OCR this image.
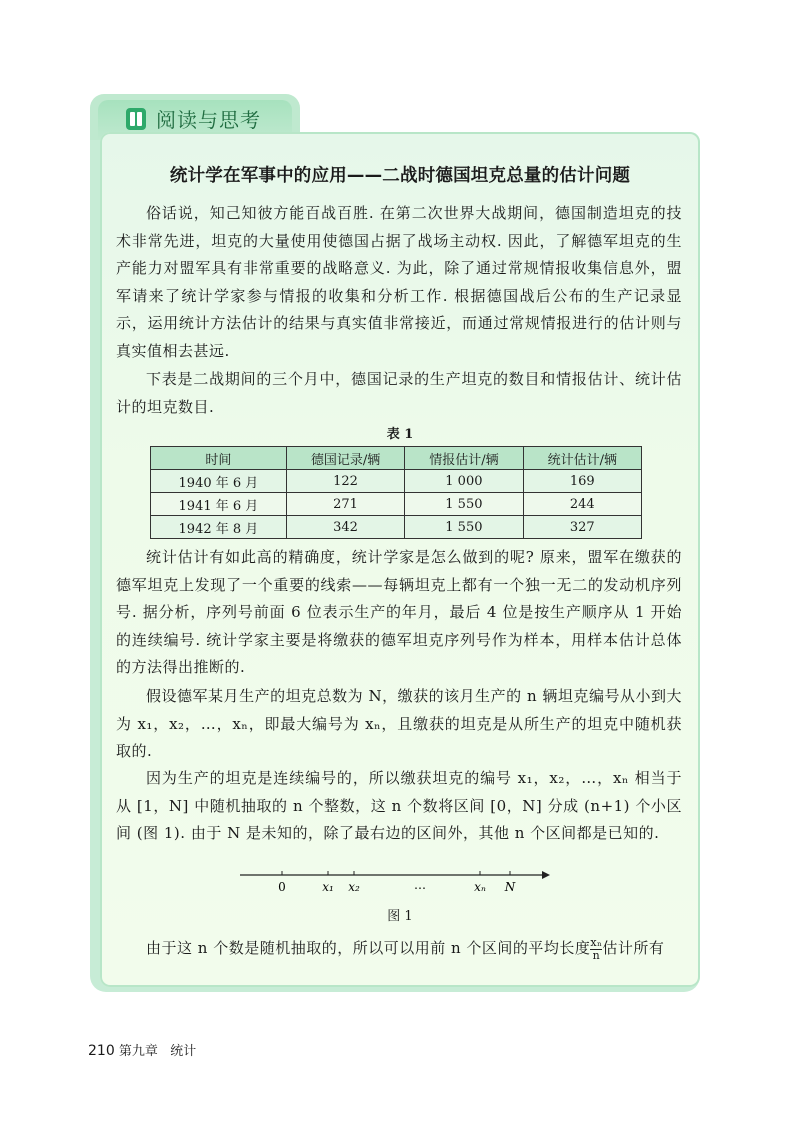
阅读与思考
统计学在军事中的应用——二战时德国坦克总量的估计问题

俗话说，知己知彼方能百战百胜. 在第二次世界大战期间，德国制造坦克的技术非常先进，坦克的大量使用使德国占据了战场主动权. 因此，了解德军坦克的生产能力对盟军具有非常重要的战略意义. 为此，除了通过常规情报收集信息外，盟军请来了统计学家参与情报的收集和分析工作. 根据德国战后公布的生产记录显示，运用统计方法估计的结果与真实值非常接近，而通过常规情报进行的估计则与真实值相去甚远.

下表是二战期间的三个月中，德国记录的生产坦克的数目和情报估计、统计估计的坦克数目.

表 1
时间	德国记录/辆	情报估计/辆	统计估计/辆
1940 年 6 月	122	1 000	169
1941 年 6 月	271	1 550	244
1942 年 8 月	342	1 550	327

统计估计有如此高的精确度，统计学家是怎么做到的呢? 原来，盟军在缴获的德军坦克上发现了一个重要的线索——每辆坦克上都有一个独一无二的发动机序列号. 据分析，序列号前面 6 位表示生产的年月，最后 4 位是按生产顺序从 1 开始的连续编号. 统计学家主要是将缴获的德军坦克序列号作为样本，用样本估计总体的方法得出推断的.

假设德军某月生产的坦克总数为 N，缴获的该月生产的 n 辆坦克编号从小到大为 x₁，x₂，…，xₙ，即最大编号为 xₙ，且缴获的坦克是从所生产的坦克中随机获取的.

因为生产的坦克是连续编号的，所以缴获坦克的编号 x₁，x₂，…，xₙ 相当于从 [1，N] 中随机抽取的 n 个整数，这 n 个数将区间 [0，N] 分成 (n+1) 个小区间 (图 1). 由于 N 是未知的，除了最右边的区间外，其他 n 个区间都是已知的.

0	x₁ x₂	…	xₙ N
图 1

由于这 n 个数是随机抽取的，所以可以用前 n 个区间的平均长度 $\frac{\text{xₙ}}{n}$ 估计所有

210 第九章 统计
